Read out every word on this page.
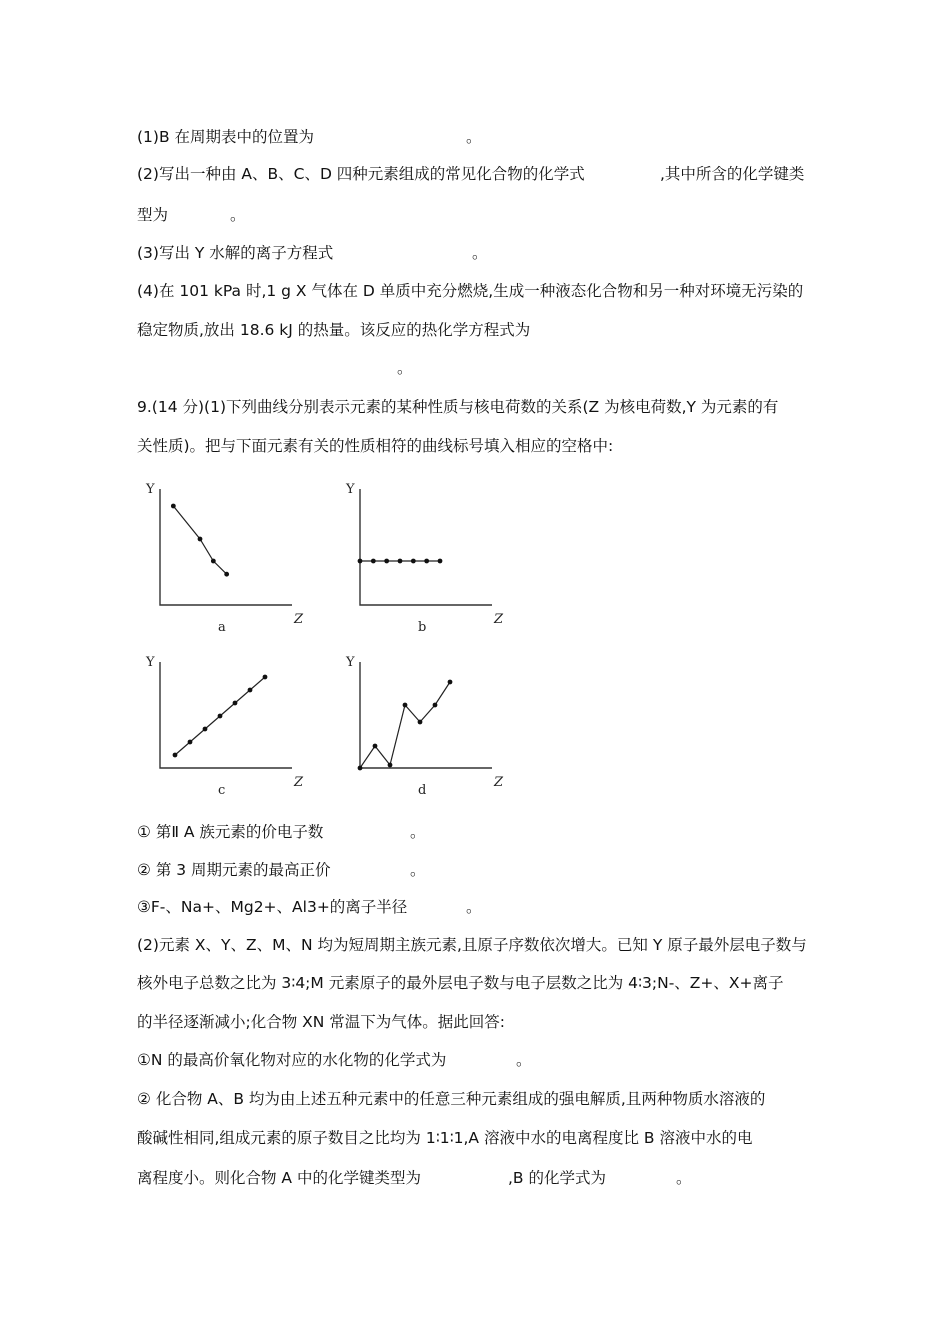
(1)B 在周期表中的位置为	。
(2)写出一种由 A、B、C、D 四种元素组成的常见化合物的化学式	,其中所含的化学键类
型为	。
(3)写出 Y 水解的离子方程式	。
(4)在 101 kPa 时,1 g X 气体在 D 单质中充分燃烧,生成一种液态化合物和另一种对环境无污染的
稳定物质,放出 18.6 kJ 的热量。该反应的热化学方程式为
。
9.(14 分)(1)下列曲线分别表示元素的某种性质与核电荷数的关系(Z 为核电荷数,Y 为元素的有
关性质)。把与下面元素有关的性质相符的曲线标号填入相应的空格中:
Y
Z
a
Y
Z
b
Y
Z
c
Y
Z
d
① 第Ⅱ A 族元素的价电子数	。
② 第 3 周期元素的最高正价	。
③F-、Na+、Mg2+、Al3+的离子半径	。
(2)元素 X、Y、Z、M、N 均为短周期主族元素,且原子序数依次增大。已知 Y 原子最外层电子数与
核外电子总数之比为 3∶4;M 元素原子的最外层电子数与电子层数之比为 4∶3;N-、Z+、X+离子
的半径逐渐减小;化合物 XN 常温下为气体。据此回答:
①N 的最高价氧化物对应的水化物的化学式为	。
② 化合物 A、B 均为由上述五种元素中的任意三种元素组成的强电解质,且两种物质水溶液的
酸碱性相同,组成元素的原子数目之比均为 1∶1∶1,A 溶液中水的电离程度比 B 溶液中水的电
离程度小。则化合物 A 中的化学键类型为	,B 的化学式为	。
